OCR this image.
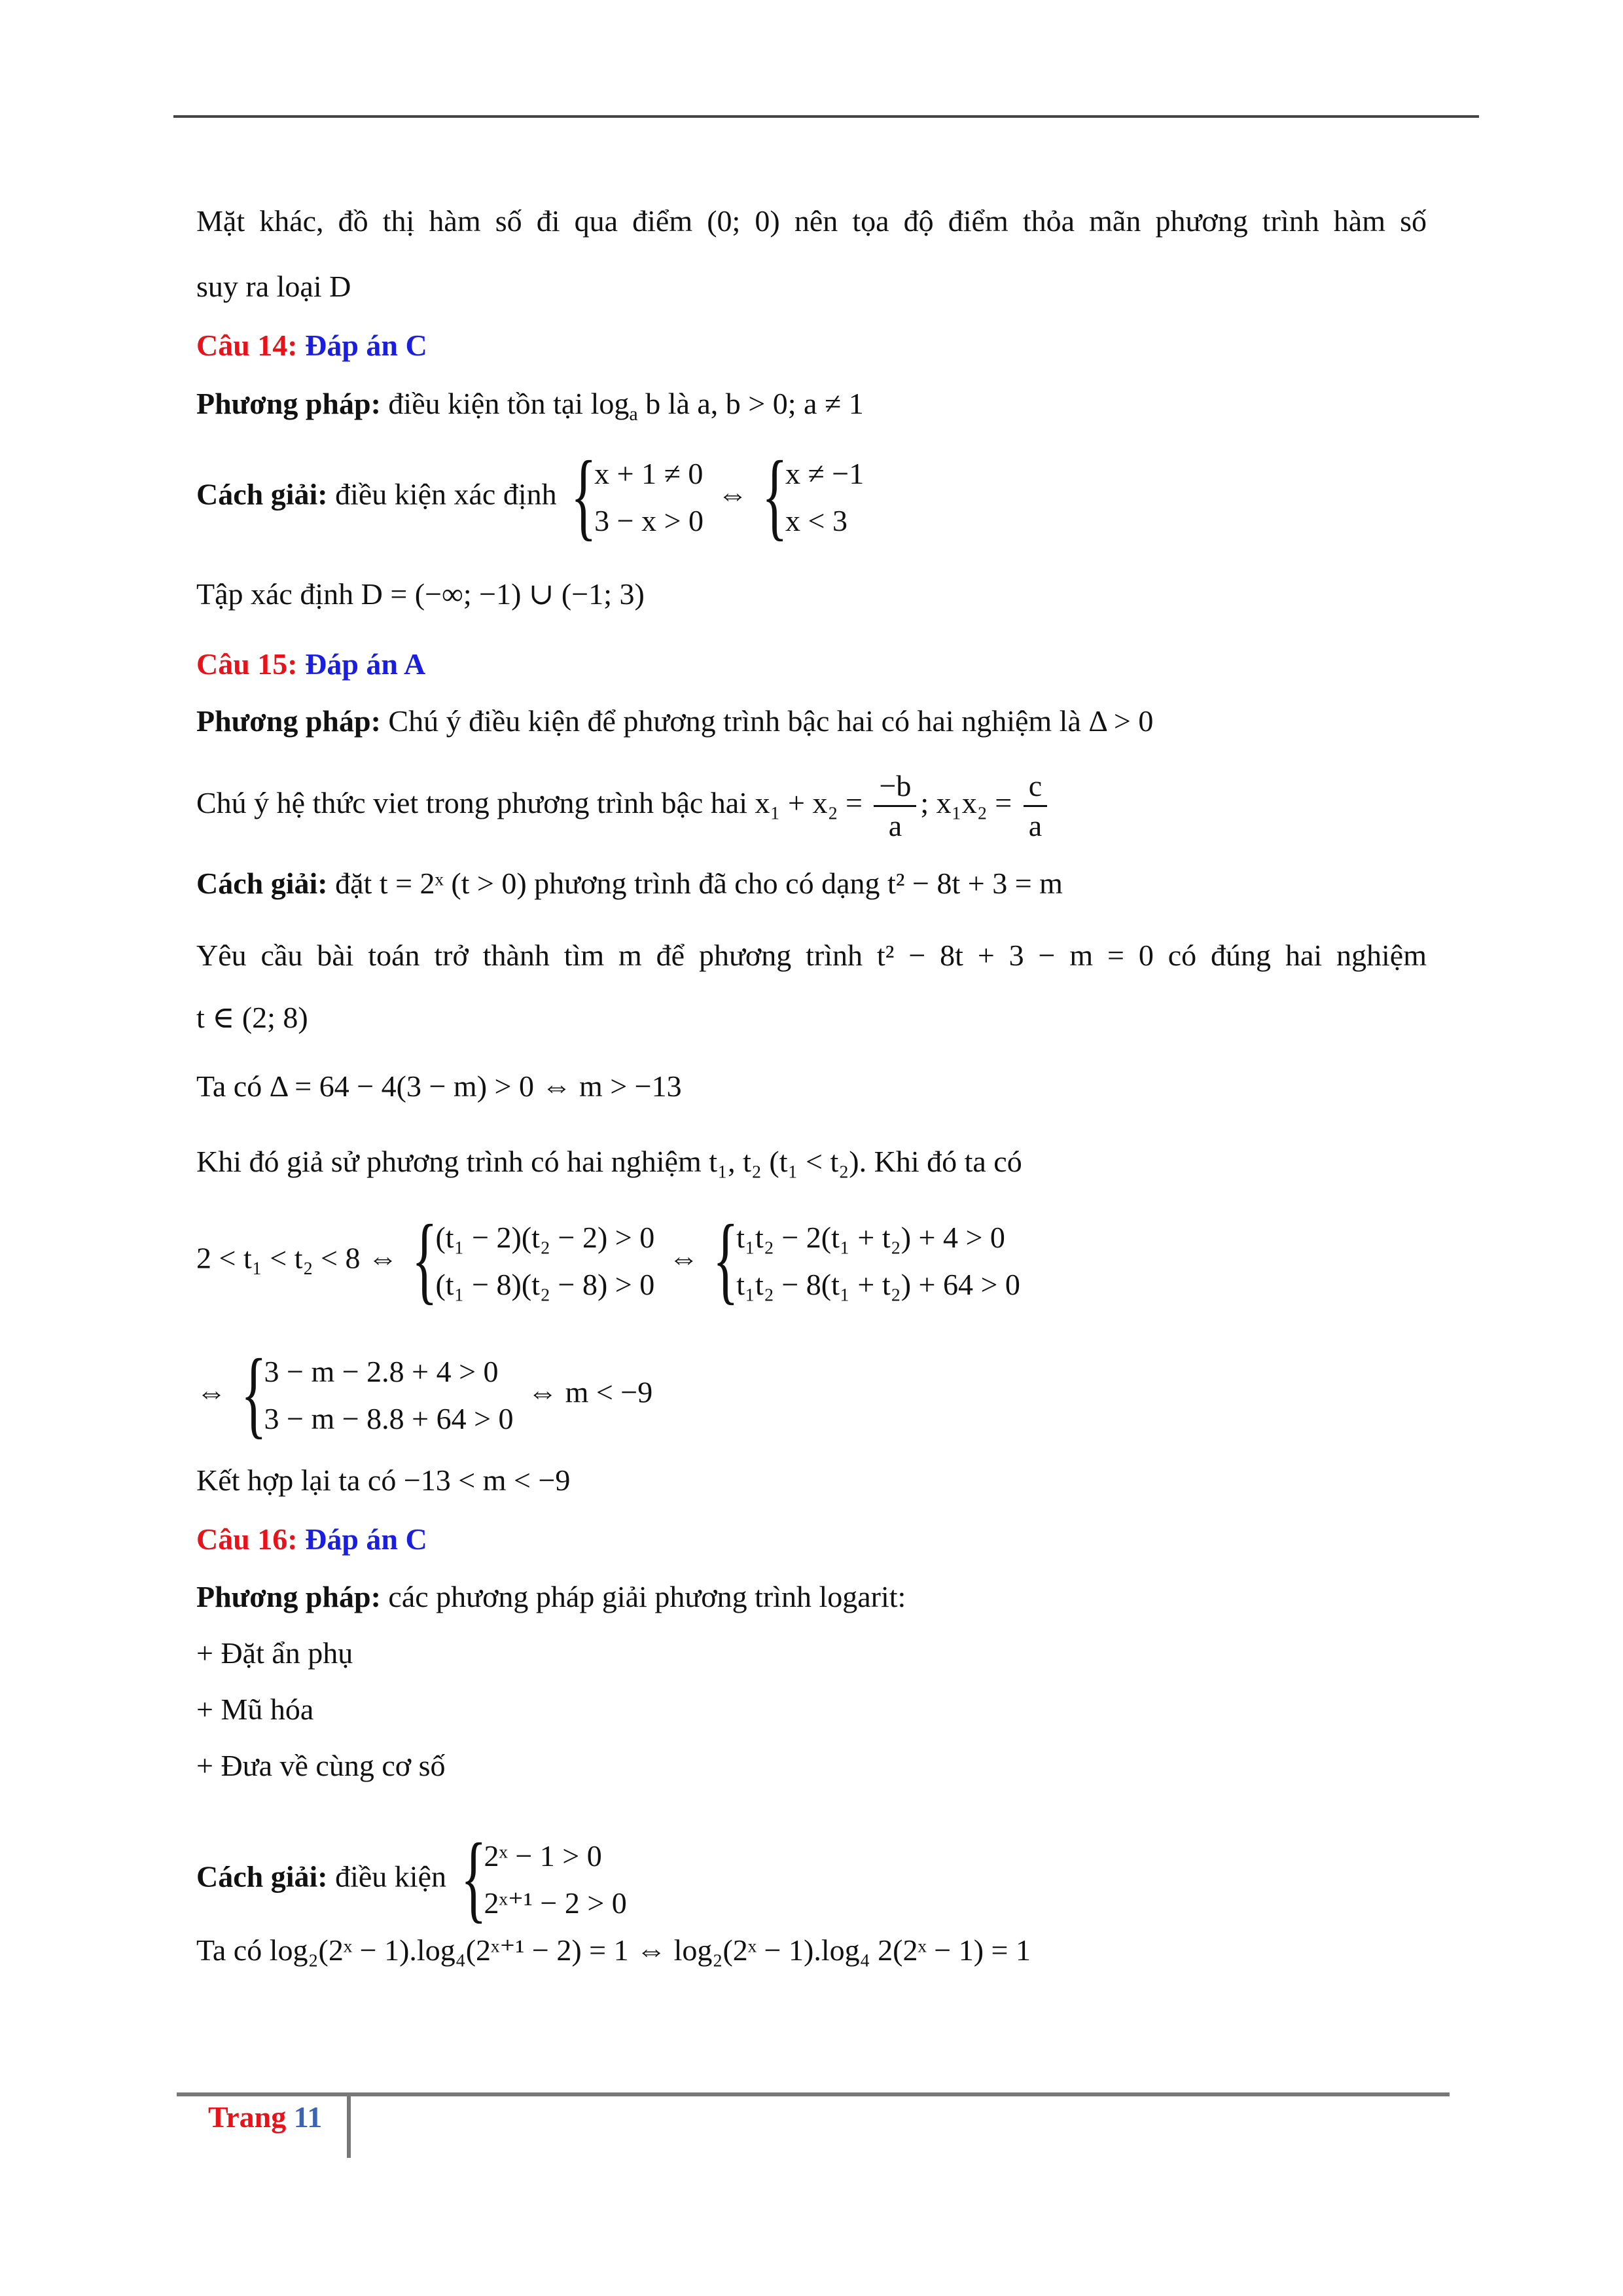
Mặt khác, đồ thị hàm số đi qua điểm (0; 0) nên tọa độ điểm thỏa mãn phương trình hàm số
suy ra loại D
Câu 14: Đáp án C
Phương pháp: điều kiện tồn tại $\log_a b$ là a, b > 0; a ≠ 1
Cách giải: điều kiện xác định {
x + 1 ≠ 0
3 − x > 0
⇔ {
x ≠ −1
x < 3
Tập xác định D = (−∞; −1) ∪ (−1; 3)
Câu 15: Đáp án A
Phương pháp: Chú ý điều kiện để phương trình bậc hai có hai nghiệm là Δ > 0
Chú ý hệ thức viet trong phương trình bậc hai $x_1 + x_2 = \frac{-b}{a}$ ; $x_1x_2 = \frac{c}{a}$
Cách giải: đặt t = 2ˣ (t > 0) phương trình đã cho có dạng t² − 8t + 3 = m
Yêu cầu bài toán trở thành tìm m để phương trình t² − 8t + 3 − m = 0 có đúng hai nghiệm
t ∈ (2; 8)
Ta có Δ = 64 − 4(3 − m) > 0 ⇔ m > −13
Khi đó giả sử phương trình có hai nghiệm t₁, t₂ (t₁ < t₂). Khi đó ta có
2 < t₁ < t₂ < 8 ⇔ {
(t₁ − 2)(t₂ − 2) > 0
(t₁ − 8)(t₂ − 8) > 0
⇔ {
t₁t₂ − 2(t₁ + t₂) + 4 > 0
t₁t₂ − 8(t₁ + t₂) + 64 > 0
⇔ {
3 − m − 2.8 + 4 > 0
3 − m − 8.8 + 64 > 0
⇔ m < −9
Kết hợp lại ta có −13 < m < −9
Câu 16: Đáp án C
Phương pháp: các phương pháp giải phương trình logarit:
+ Đặt ẩn phụ
+ Mũ hóa
+ Đưa về cùng cơ số
Cách giải: điều kiện {
2ˣ − 1 > 0
2ˣ⁺¹ − 2 > 0
Ta có log₂(2ˣ − 1).log₄(2ˣ⁺¹ − 2) = 1 ⇔ log₂(2ˣ − 1).log₄ 2(2ˣ − 1) = 1
Trang 11
